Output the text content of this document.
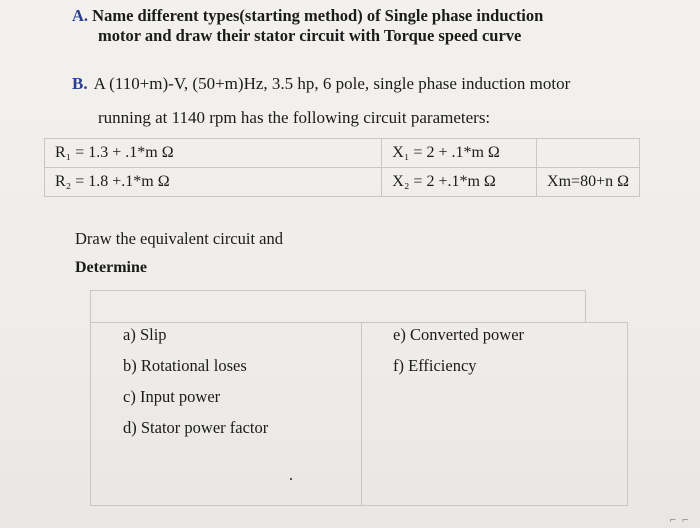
A. Name different types(starting method) of Single phase induction
motor and draw their stator circuit with Torque speed curve
B. A (110+m)-V, (50+m)Hz, 3.5 hp, 6 pole, single phase induction motor
running at 1140 rpm has the following circuit parameters:
R₁ = 1.3 + .1*m Ω	X₁ = 2 + .1*m Ω	
R₂ = 1.8 +.1*m Ω	X₂ = 2 +.1*m Ω	Xm=80+n Ω
Draw the equivalent circuit and
Determine
a) Slip
b) Rotational loses
c) Input power
d) Stator power factor
e) Converted power
f) Efficiency
⌐ ⌐
